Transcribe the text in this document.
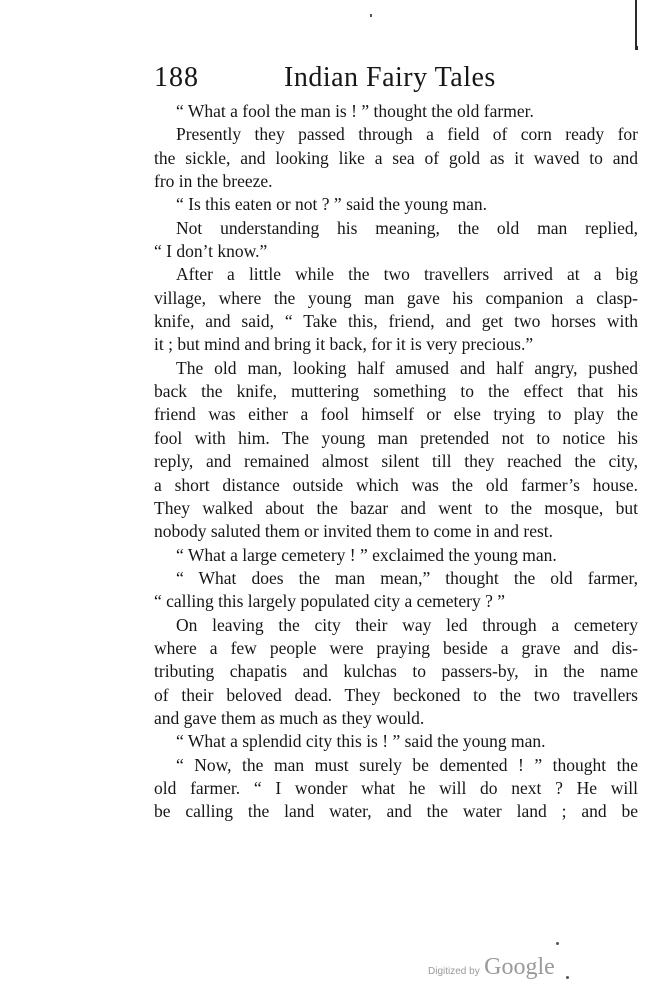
188	Indian Fairy Tales
“ What a fool the man is ! ” thought the old farmer.
Presently they passed through a field of corn ready for
the sickle, and looking like a sea of gold as it waved to and
fro in the breeze.
“ Is this eaten or not ? ” said the young man.
Not understanding his meaning, the old man replied,
“ I don’t know.”
After a little while the two travellers arrived at a big
village, where the young man gave his companion a clasp-
knife, and said, “ Take this, friend, and get two horses with
it ; but mind and bring it back, for it is very precious.”
The old man, looking half amused and half angry, pushed
back the knife, muttering something to the effect that his
friend was either a fool himself or else trying to play the
fool with him. The young man pretended not to notice his
reply, and remained almost silent till they reached the city,
a short distance outside which was the old farmer’s house.
They walked about the bazar and went to the mosque, but
nobody saluted them or invited them to come in and rest.
“ What a large cemetery ! ” exclaimed the young man.
“ What does the man mean,” thought the old farmer,
“ calling this largely populated city a cemetery ? ”
On leaving the city their way led through a cemetery
where a few people were praying beside a grave and dis-
tributing chapatis and kulchas to passers-by, in the name
of their beloved dead. They beckoned to the two travellers
and gave them as much as they would.
“ What a splendid city this is ! ” said the young man.
“ Now, the man must surely be demented ! ” thought the
old farmer. “ I wonder what he will do next ? He will
be calling the land water, and the water land ; and be
Digitized by Google
